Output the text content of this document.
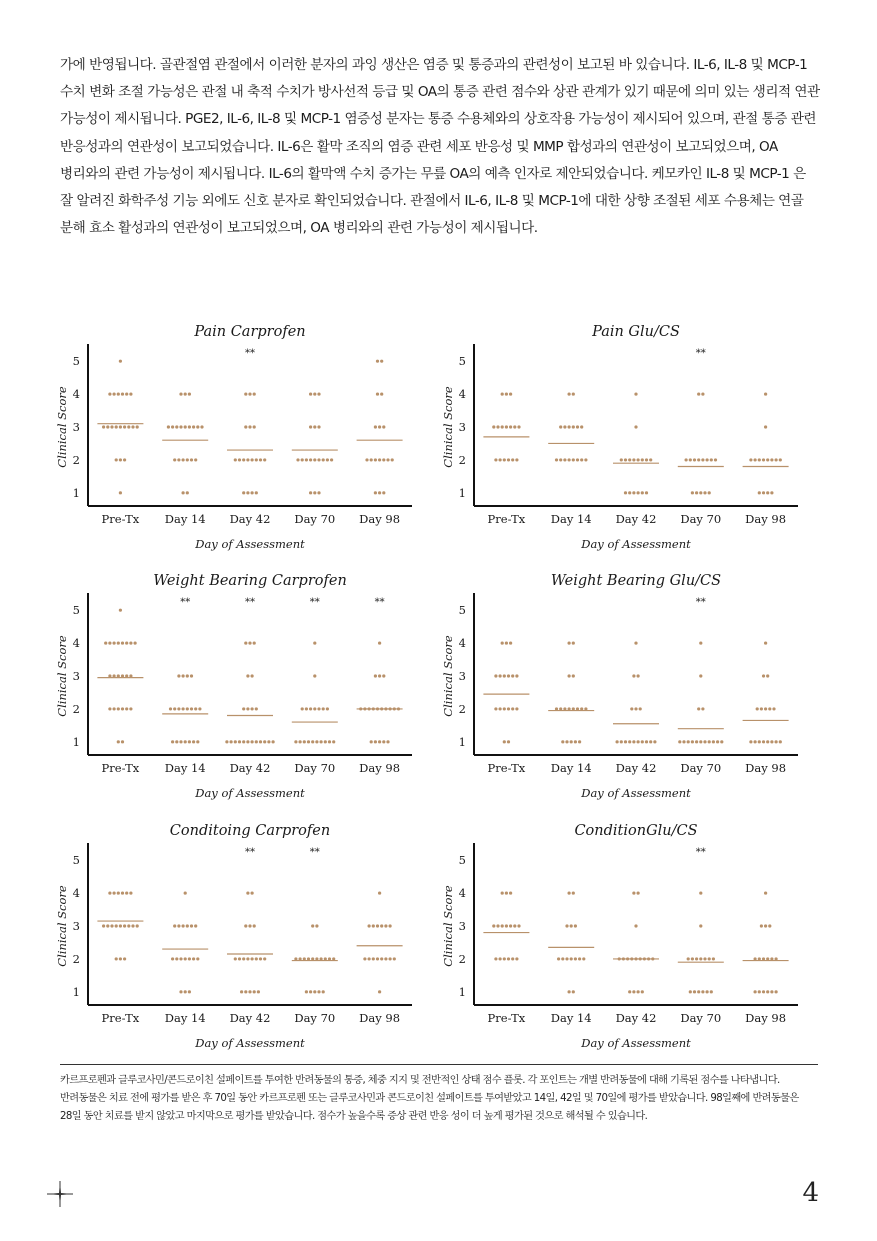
가에 반영됩니다. 골관절염 관절에서 이러한 분자의 과잉 생산은 염증 및 통증과의 관련성이 보고된 바 있습니다. IL-6, IL-8 및 MCP-1 수치 변화 조절 가능성은 관절 내 축적 수치가 방사선적 등급 및 OA의 통증 관련 점수와 상관 관계가 있기 때문에 의미 있는 생리적 연관 가능성이 제시됩니다. PGE2, IL-6, IL-8 및 MCP-1 염증성 분자는 통증 수용체와의 상호작용 가능성이 제시되어 있으며, 관절 통증 관련 반응성과의 연관성이 보고되었습니다. IL-6은 활막 조직의 염증 관련 세포 반응성 및 MMP 합성과의 연관성이 보고되었으며, OA 병리와의 관련 가능성이 제시됩니다. IL-6의 활막액 수치 증가는 무릎 OA의 예측 인자로 제안되었습니다. 케모카인 IL-8 및 MCP-1 은 잘 알려진 화학주성 기능 외에도 신호 분자로 확인되었습니다. 관절에서 IL-6, IL-8 및 MCP-1에 대한 상향 조절된 세포 수용체는 연골 분해 효소 활성과의 연관성이 보고되었으며, OA 병리와의 관련 가능성이 제시됩니다.
Pain Carprofen
1
2
3
4
5
Clinical Score
Pre-Tx Day 14 Day 42 Day 70 Day 98
Day of Assessment
**
Pain Glu/CS
1
2
3
4
5
Clinical Score
Pre-Tx Day 14 Day 42 Day 70 Day 98
Day of Assessment
**
Weight Bearing Carprofen
1
2
3
4
5
Clinical Score
Pre-Tx Day 14 Day 42 Day 70 Day 98
Day of Assessment
**	**	**	**
Weight Bearing Glu/CS
1
2
3
4
5
Clinical Score
Pre-Tx Day 14 Day 42 Day 70 Day 98
Day of Assessment
**
Conditoing Carprofen
1
2
3
4
5
Clinical Score
Pre-Tx Day 14 Day 42 Day 70 Day 98
Day of Assessment
**	**
ConditionGlu/CS
1
2
3
4
5
Clinical Score
Pre-Tx Day 14 Day 42 Day 70 Day 98
Day of Assessment
**
카르프로펜과 글루코사민/콘드로이친 설페이트를 투여한 반려동물의 통증, 체중 지지 및 전반적인 상태 점수 플롯. 각 포인트는 개별 반려동물에 대해 기록된 점수를 나타냅니다. 반려동물은 치료 전에 평가를 받은 후 70일 동안 카르프로펜 또는 글루코사민과 콘드로이친 설페이트를 투여받았고 14일, 42일 및 70일에 평가를 받았습니다. 98일째에 반려동물은 28일 동안 치료를 받지 않았고 마지막으로 평가를 받았습니다. 점수가 높을수록 증상 관련 반응 성이 더 높게 평가된 것으로 해석될 수 있습니다.
4
